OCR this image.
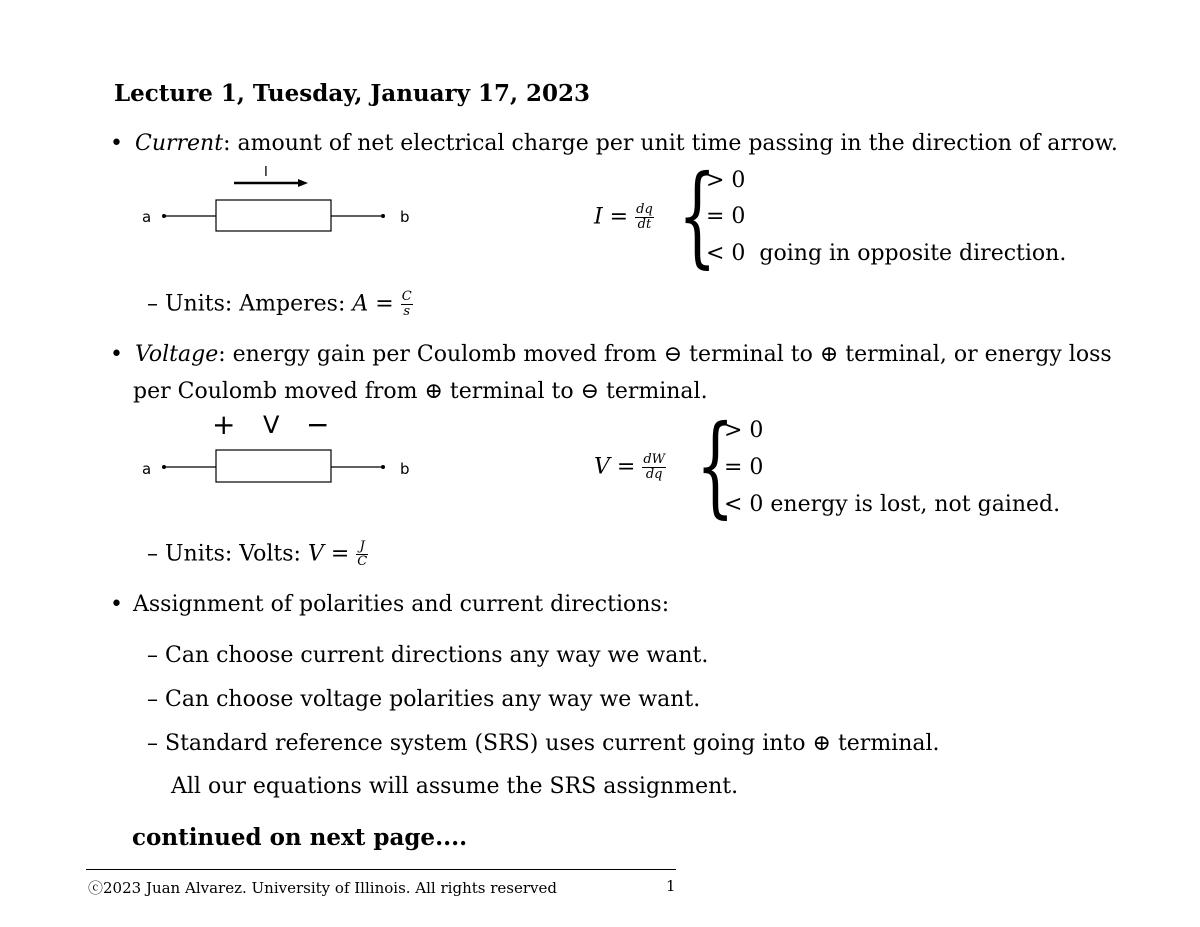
Lecture 1, Tuesday, January 17, 2023
• Current: amount of net electrical charge per unit time passing in the direction of arrow.
a	b
I
$I = \frac{dq}{dt}$ {
> 0
= 0
< 0  going in opposite direction.
– Units: Amperes: $A = \frac{C}{s}$
• Voltage: energy gain per Coulomb moved from ⊖ terminal to ⊕ terminal, or energy loss
per Coulomb moved from ⊕ terminal to ⊖ terminal.
a	b
+ V −
$V = \frac{dW}{dq}$ {
> 0
= 0
< 0 energy is lost, not gained.
– Units: Volts: $V = \frac{J}{C}$
• Assignment of polarities and current directions:
– Can choose current directions any way we want.
– Can choose voltage polarities any way we want.
– Standard reference system (SRS) uses current going into ⊕ terminal.
All our equations will assume the SRS assignment.
continued on next page....
ⓒ2023 Juan Alvarez. University of Illinois. All rights reserved	1
